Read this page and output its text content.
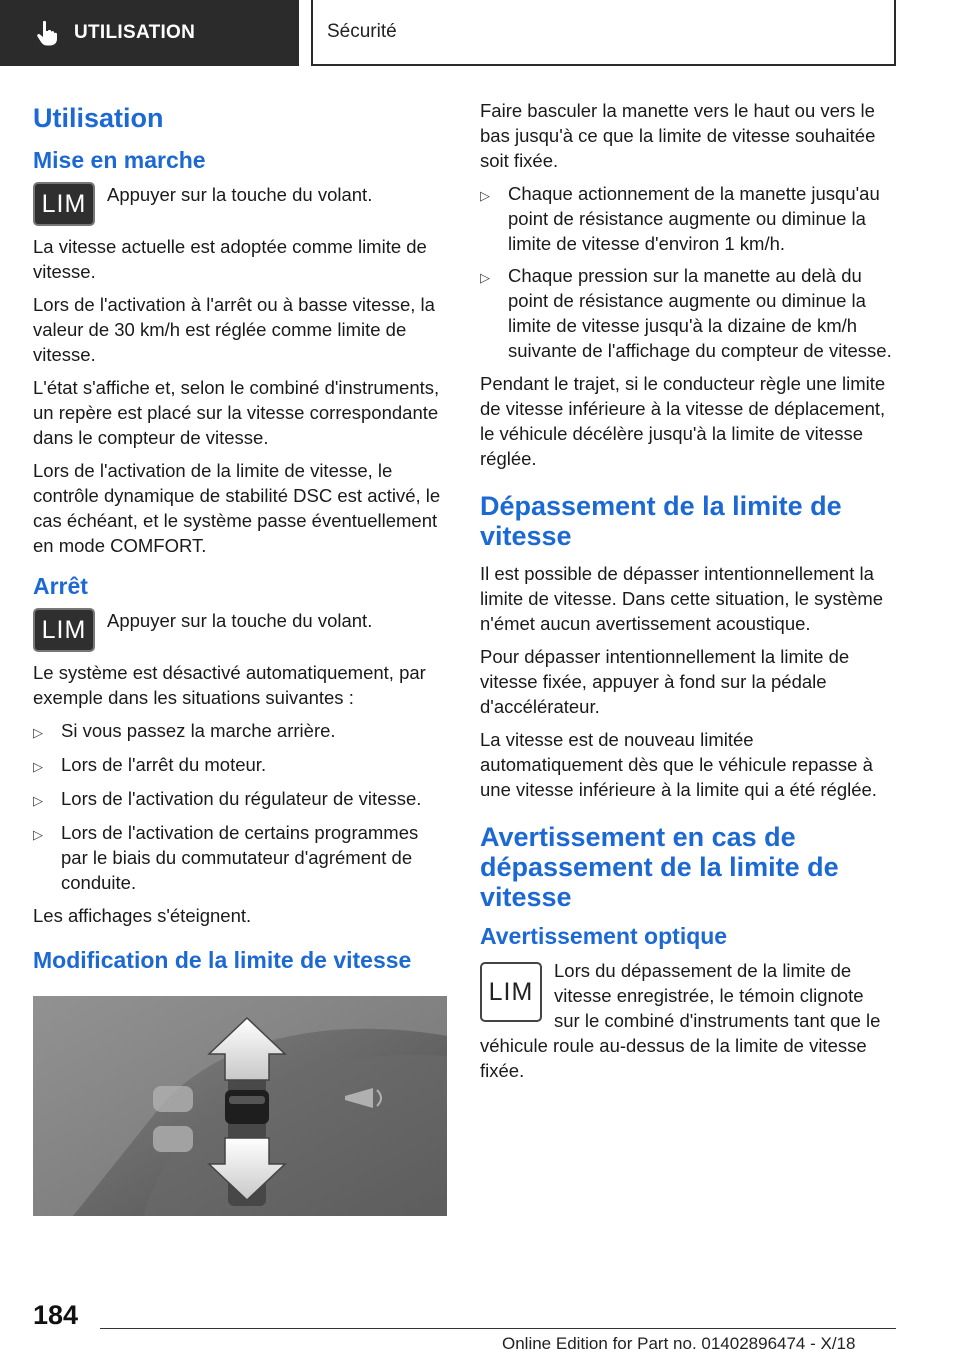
UTILISATION	Sécurité
Utilisation
Mise en marche
LIM	Appuyer sur la touche du volant.

La vitesse actuelle est adoptée comme limite de vitesse.

Lors de l'activation à l'arrêt ou à basse vitesse, la valeur de 30 km/h est réglée comme limite de vitesse.

L'état s'affiche et, selon le combiné d'instruments, un repère est placé sur la vitesse correspondante dans le compteur de vitesse.

Lors de l'activation de la limite de vitesse, le contrôle dynamique de stabilité DSC est activé, le cas échéant, et le système passe éventuellement en mode COMFORT.

Arrêt
LIM	Appuyer sur la touche du volant.

Le système est désactivé automatiquement, par exemple dans les situations suivantes :

▷ Si vous passez la marche arrière.
▷ Lors de l'arrêt du moteur.
▷ Lors de l'activation du régulateur de vitesse.
▷ Lors de l'activation de certains programmes par le biais du commutateur d'agrément de conduite.

Les affichages s'éteignent.

Modification de la limite de vitesse

Faire basculer la manette vers le haut ou vers le bas jusqu'à ce que la limite de vitesse souhaitée soit fixée.

▷ Chaque actionnement de la manette jusqu'au point de résistance augmente ou diminue la limite de vitesse d'environ 1 km/h.
▷ Chaque pression sur la manette au delà du point de résistance augmente ou diminue la limite de vitesse jusqu'à la dizaine de km/h suivante de l'affichage du compteur de vitesse.

Pendant le trajet, si le conducteur règle une limite de vitesse inférieure à la vitesse de déplacement, le véhicule décélère jusqu'à la limite de vitesse réglée.

Dépassement de la limite de vitesse

Il est possible de dépasser intentionnellement la limite de vitesse. Dans cette situation, le système n'émet aucun avertissement acoustique.

Pour dépasser intentionnellement la limite de vitesse fixée, appuyer à fond sur la pédale d'accélérateur.

La vitesse est de nouveau limitée automatiquement dès que le véhicule repasse à une vitesse inférieure à la limite qui a été réglée.

Avertissement en cas de dépassement de la limite de vitesse
Avertissement optique
LIM

Lors du dépassement de la limite de vitesse enregistrée, le témoin clignote sur le combiné d'instruments tant que le véhicule roule au-dessus de la limite de vitesse fixée.

184
Online Edition for Part no. 01402896474 - X/18
